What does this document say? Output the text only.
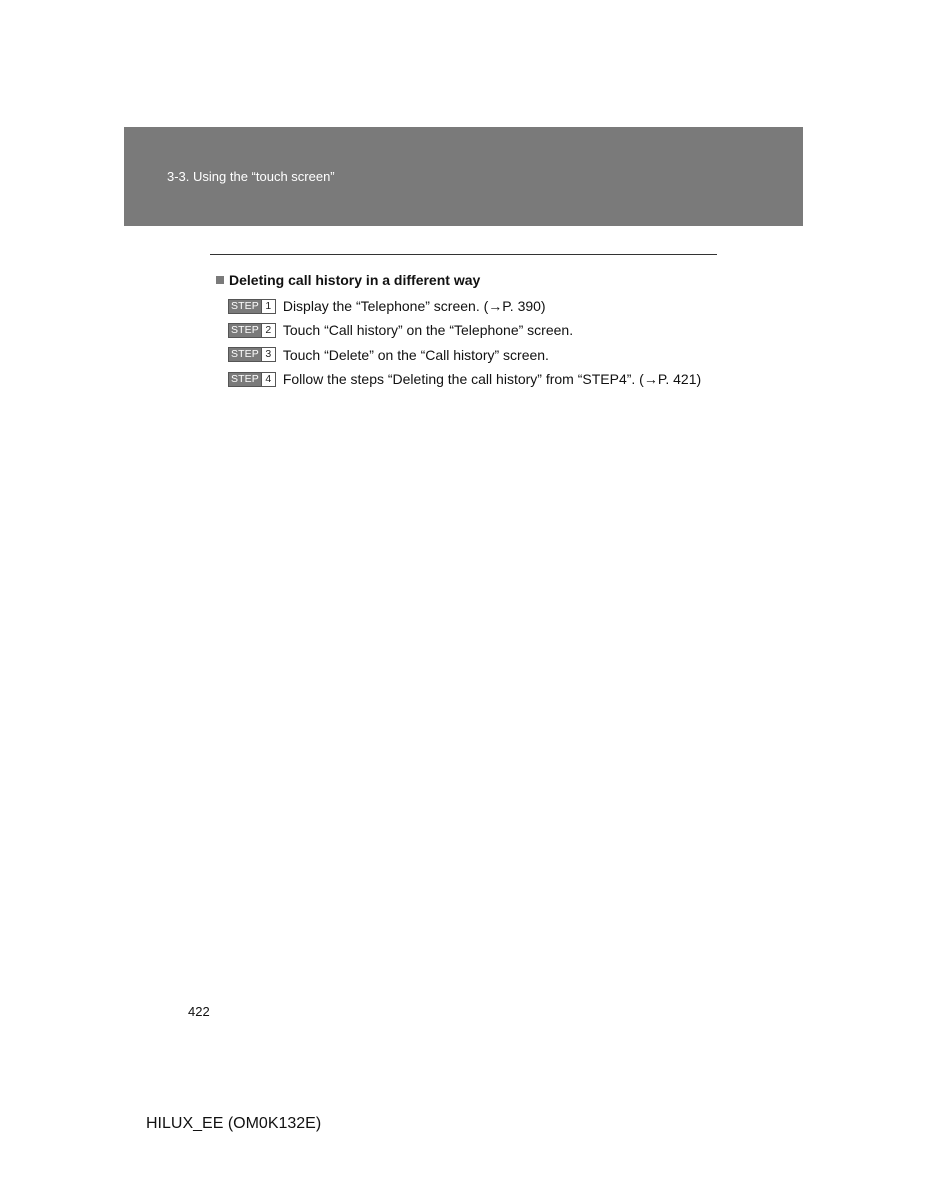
3-3. Using the “touch screen”
Deleting call history in a different way
STEP 1 Display the “Telephone” screen. (→P. 390)
STEP 2 Touch “Call history” on the “Telephone” screen.
STEP 3 Touch “Delete” on the “Call history” screen.
STEP 4 Follow the steps “Deleting the call history” from “STEP4”. (→P. 421)
422
HILUX_EE (OM0K132E)
